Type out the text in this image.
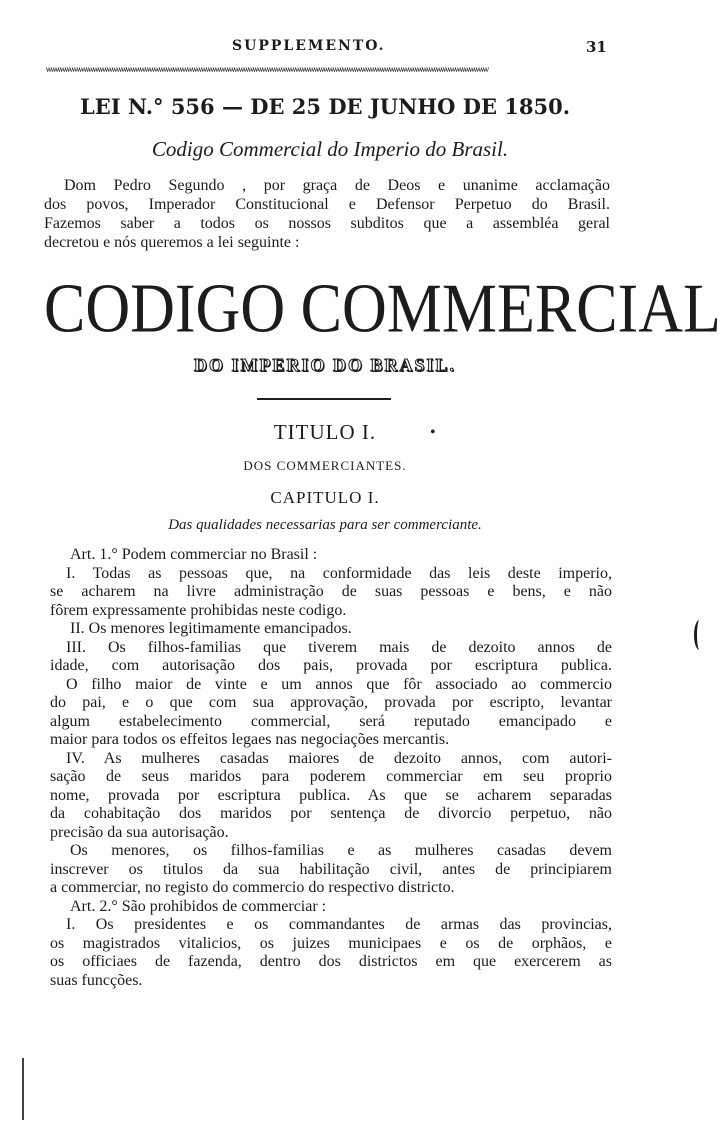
SUPPLEMENTO.	31
ѡѡѡѡѡѡѡѡѡѡѡѡѡѡѡѡѡѡѡѡѡѡѡѡѡѡѡѡѡѡѡѡѡѡѡѡѡѡѡѡѡѡѡѡѡѡѡѡѡѡѡѡѡѡѡѡѡѡѡѡѡѡѡѡѡѡѡѡѡѡѡѡѡѡѡѡѡѡѡѡѡѡѡѡѡѡѡѡѡѡѡѡѡѡ
LEI N.° 556 — DE 25 DE JUNHO DE 1850.
Codigo Commercial do Imperio do Brasil.
Dom Pedro Segundo , por graça de Deos e unanime acclamação
dos povos, Imperador Constitucional e Defensor Perpetuo do Brasil.
Fazemos saber a todos os nossos subditos que a assembléa geral
decretou e nós queremos a lei seguinte :
CODIGO COMMERCIAL
DO IMPERIO DO BRASIL.
TITULO I.	•
DOS COMMERCIANTES.
CAPITULO I.
Das qualidades necessarias para ser commerciante.
Art. 1.° Podem commerciar no Brasil :
I. Todas as pessoas que, na conformidade das leis deste imperio,
se acharem na livre administração de suas pessoas e bens, e não
fôrem expressamente prohibidas neste codigo.
II. Os menores legitimamente emancipados.
III. Os filhos-familias que tiverem mais de dezoito annos de
idade, com autorisação dos pais, provada por escriptura publica.
O filho maior de vinte e um annos que fôr associado ao commercio
do pai, e o que com sua approvação, provada por escripto, levantar
algum estabelecimento commercial, será reputado emancipado e
maior para todos os effeitos legaes nas negociações mercantis.
IV. As mulheres casadas maiores de dezoito annos, com autori-
sação de seus maridos para poderem commerciar em seu proprio
nome, provada por escriptura publica. As que se acharem separadas
da cohabitação dos maridos por sentença de divorcio perpetuo, não
precisão da sua autorisação.
Os menores, os filhos-familias e as mulheres casadas devem
inscrever os titulos da sua habilitação civil, antes de principiarem
a commerciar, no registo do commercio do respectivo districto.
Art. 2.° São prohibidos de commerciar :
I. Os presidentes e os commandantes de armas das provincias,
os magistrados vitalicios, os juizes municipaes e os de orphãos, e
os officiaes de fazenda, dentro dos districtos em que exercerem as
suas funcções.
